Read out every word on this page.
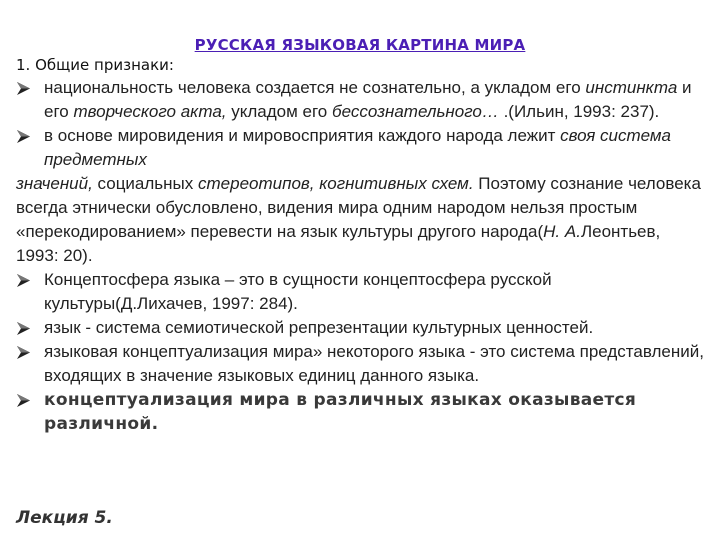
РУССКАЯ ЯЗЫКОВАЯ КАРТИНА МИРА
1. Общие признаки:
национальность человека создается не сознательно, а укладом его инстинкта и его творческого акта, укладом его бессознательного… .(Ильин, 1993: 237).
в основе мировидения и мировосприятия каждого народа лежит своя система предметных
значений, социальных стереотипов, когнитивных схем. Поэтому сознание человека всегда этнически обусловлено, видения мира одним народом нельзя простым «перекодированием» перевести на язык культуры другого народа(Н. А.Леонтьев, 1993: 20).
Концептосфера языка – это в сущности концептосфера русской культуры(Д.Лихачев, 1997: 284).
язык - система семиотической репрезентации культурных ценностей.
языковая концептуализация мира» некоторого языка - это система представлений, входящих в значение языковых единиц данного языка.
концептуализация мира в различных языках оказывается различной.
Лекция 5.
